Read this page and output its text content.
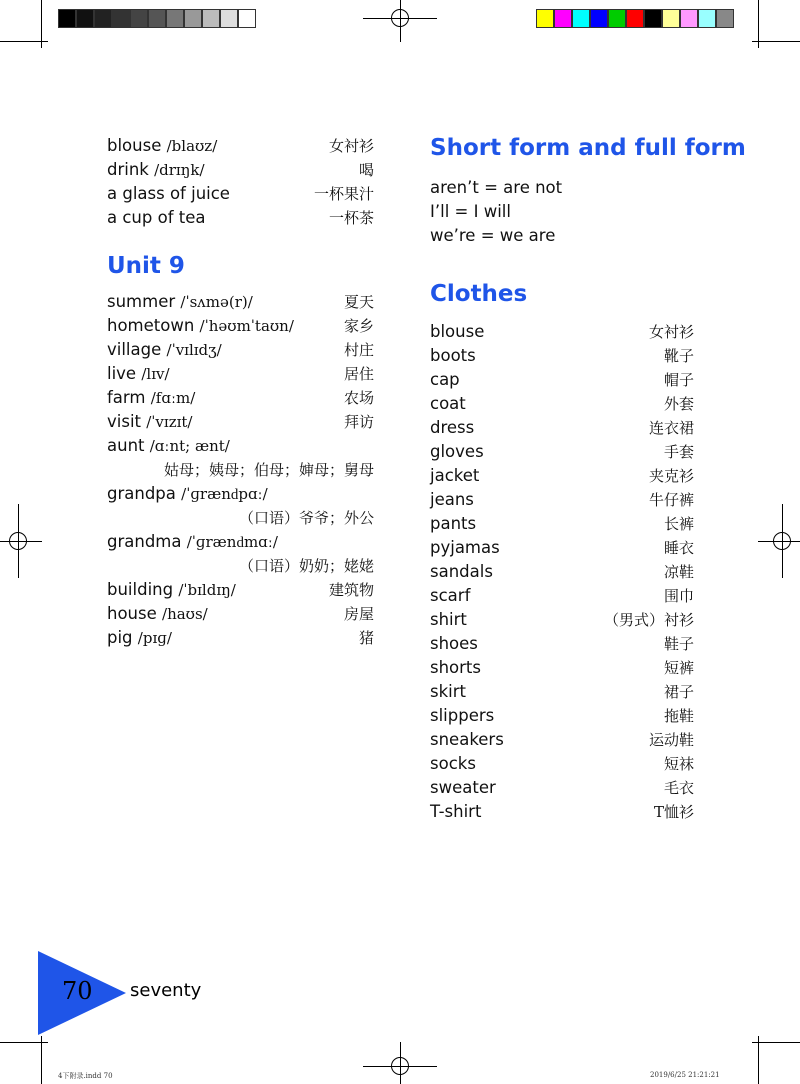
blouse /blaʊz/	女衬衫
drink /drɪŋk/	喝
a glass of juice	一杯果汁
a cup of tea	一杯茶
Unit 9
summer /ˈsʌmə(r)/	夏天
hometown /ˈhəʊmˈtaʊn/	家乡
village /ˈvɪlɪdʒ/	村庄
live /lɪv/	居住
farm /fɑːm/	农场
visit /ˈvɪzɪt/	拜访
aunt /ɑːnt; ænt/
姑母；姨母；伯母；婶母；舅母
grandpa /ˈɡrænԁpɑː/
（口语）爷爷；外公
grandma /ˈɡrænԁmɑː/
（口语）奶奶；姥姥
building /ˈbɪldɪŋ/	建筑物
house /haʊs/	房屋
pig /pɪɡ/	猪
Short form and full form
aren’t = are not
I’ll = I will
we’re = we are
Clothes
blouse	女衬衫
boots	靴子
cap	帽子
coat	外套
dress	连衣裙
gloves	手套
jacket	夹克衫
jeans	牛仔裤
pants	长裤
pyjamas	睡衣
sandals	凉鞋
scarf	围巾
shirt	（男式）衬衫
shoes	鞋子
shorts	短裤
skirt	裙子
slippers	拖鞋
sneakers	运动鞋
socks	短袜
sweater	毛衣
T-shirt	T恤衫
70 seventy
4下附录.indd 70	2019/6/25 21:21:21
